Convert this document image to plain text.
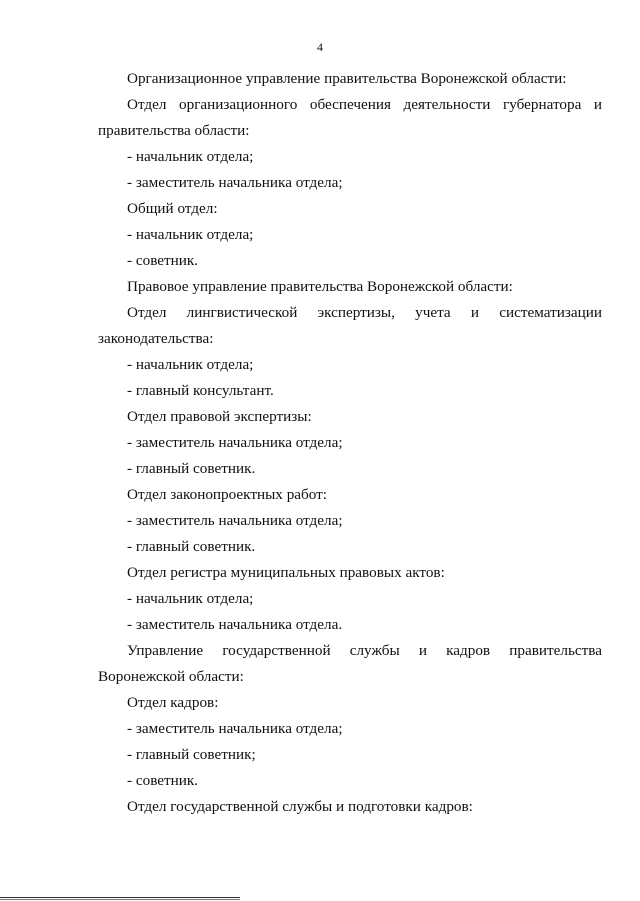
4
Организационное управление правительства Воронежской области:
Отдел организационного обеспечения деятельности губернатора и
правительства области:
- начальник отдела;
- заместитель начальника отдела;
Общий отдел:
- начальник отдела;
- советник.
Правовое управление правительства Воронежской области:
Отдел лингвистической экспертизы, учета и систематизации
законодательства:
- начальник отдела;
- главный консультант.
Отдел правовой экспертизы:
- заместитель начальника отдела;
- главный советник.
Отдел законопроектных работ:
- заместитель начальника отдела;
- главный советник.
Отдел регистра муниципальных правовых актов:
- начальник отдела;
- заместитель начальника отдела.
Управление государственной службы и кадров правительства
Воронежской области:
Отдел кадров:
- заместитель начальника отдела;
- главный советник;
- советник.
Отдел государственной службы и подготовки кадров:
